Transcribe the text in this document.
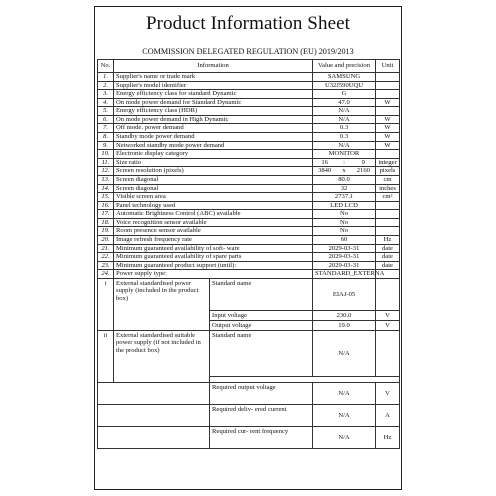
Product Information Sheet
COMMISSION DELEGATED REGULATION (EU) 2019/2013
No.	Information		Value and precision	Unit
1.	Supplier's name or trade mark		SAMSUNG	
2.	Supplier's model identifier		U32J590UQU	
3.	Energy efficiency class for standard Dynamic		G	
4.	On mode power demand for Standard Dynamic		47.0	W
5.	Energy efficiency class (HDR)		N/A	
6.	On mode power demand in High Dynamic		N/A	W
7.	Off mode. power demand		0.3	W
8.	Standby mode power demand		0.3	W
9.	Networked standby mode power demand		N/A	W
10.	Electronic display category		MONITOR	
11.	Size ratio		16 : 9	integer
12.	Screen resolution (pixels)		3840 x 2160	pixels
13.	Screen diagonal		80.0	cm
14.	Screen diagonal		32	inches
15.	Visible screen area		2737.1	cm²
16.	Panel technology used		LED LCD	
17.	Automatic Brightness Control (ABC) available		No	
18.	Voice recognition sensor available		No	
19.	Room presence sensor available		No	
20.	Image refresh frequency rate		60	Hz
21.	Minimum guaranteed availability of soft- ware		2029-03-31	date
22.	Minimum guaranteed availability of spare parts		2029-03-31	date
23.	Minimum guaranteed product support (until):		2029-03-31	date
24.	Power supply type:		STANDARD_EXTERNA	
i	External standardised power supply (included in the product box)	Standard name	EIAJ-05	
		Input voltage	230.0	V
		Output voltage	19.0	V
ii	External standardised suitable power supply (if not included in the product box)	Standard name	N/A	

		Required output voltage	N/A	V
		Required deliv- ered current	N/A	A
		Required cur- rent frequency	N/A	Hz
